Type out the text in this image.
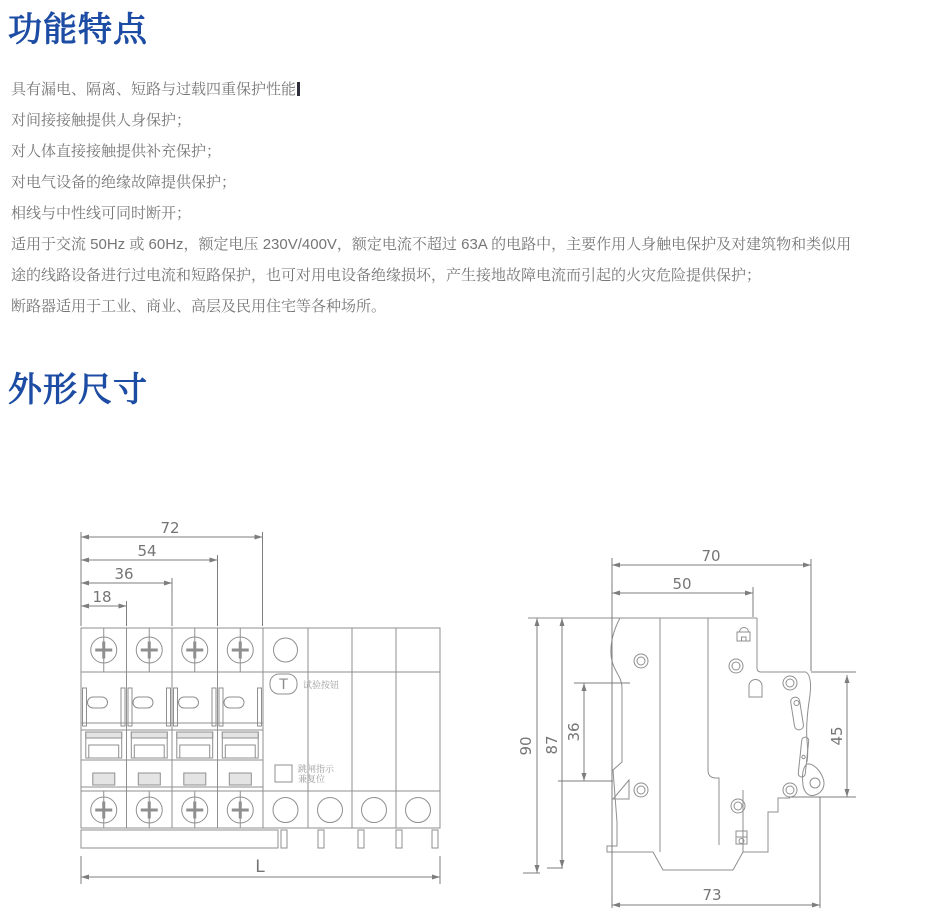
功能特点
具有漏电、隔离、短路与过载四重保护性能
对间接接触提供人身保护；
对人体直接接触提供补充保护；
对电气设备的绝缘故障提供保护；
相线与中性线可同时断开；
适用于交流 50Hz 或 60Hz，额定电压 230V/400V，额定电流不超过 63A 的电路中，主要作用人身触电保护及对建筑物和类似用
途的线路设备进行过电流和短路保护，也可对用电设备绝缘损坏，产生接地故障电流而引起的火灾危险提供保护；
断路器适用于工业、商业、高层及民用住宅等各种场所。
外形尺寸
72
54
36
18
L
T 试验按钮
跳闸指示
兼复位
70
50
90 87
36	45
73
